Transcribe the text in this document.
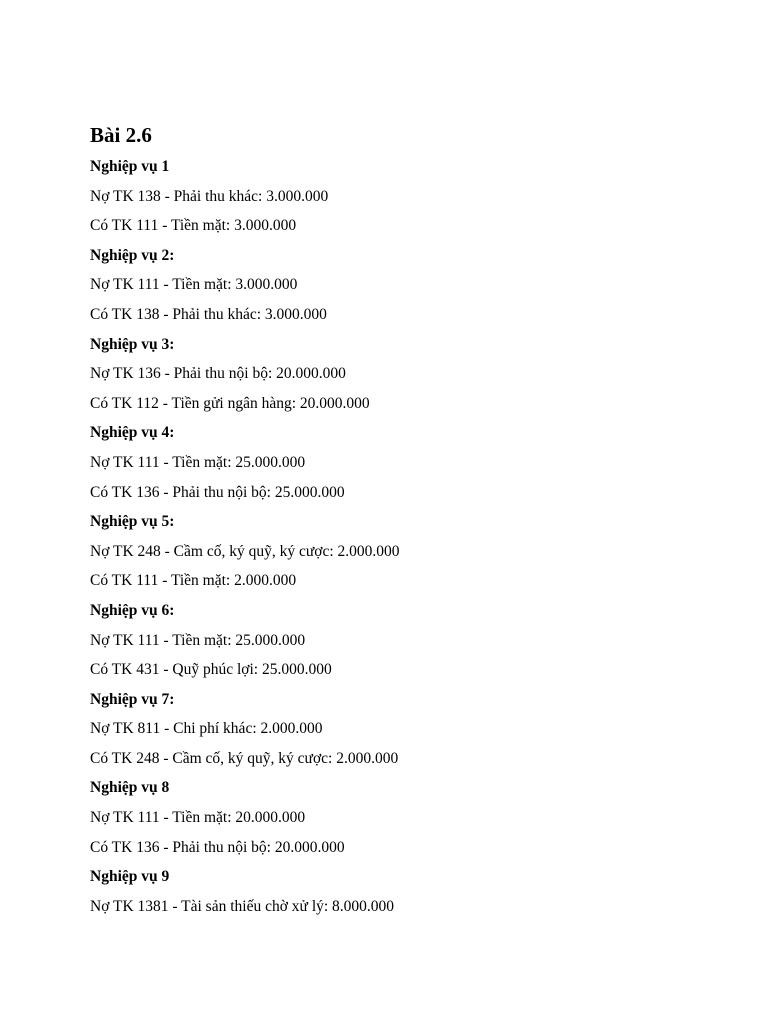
Bài 2.6

Nghiệp vụ 1

Nợ TK 138 - Phải thu khác: 3.000.000

Có TK 111 - Tiền mặt: 3.000.000

Nghiệp vụ 2:

Nợ TK 111 - Tiền mặt: 3.000.000

Có TK 138 - Phải thu khác: 3.000.000

Nghiệp vụ 3:

Nợ TK 136 - Phải thu nội bộ: 20.000.000

Có TK 112 - Tiền gửi ngân hàng: 20.000.000

Nghiệp vụ 4:

Nợ TK 111 - Tiền mặt: 25.000.000

Có TK 136 - Phải thu nội bộ: 25.000.000

Nghiệp vụ 5:

Nợ TK 248 - Cầm cố, ký quỹ, ký cược: 2.000.000

Có TK 111 - Tiền mặt: 2.000.000

Nghiệp vụ 6:

Nợ TK 111 - Tiền mặt: 25.000.000

Có TK 431 - Quỹ phúc lợi: 25.000.000

Nghiệp vụ 7:

Nợ TK 811 - Chi phí khác: 2.000.000

Có TK 248 - Cầm cố, ký quỹ, ký cược: 2.000.000

Nghiệp vụ 8

Nợ TK 111 - Tiền mặt: 20.000.000

Có TK 136 - Phải thu nội bộ: 20.000.000

Nghiệp vụ 9

Nợ TK 1381 - Tài sản thiếu chờ xử lý: 8.000.000
